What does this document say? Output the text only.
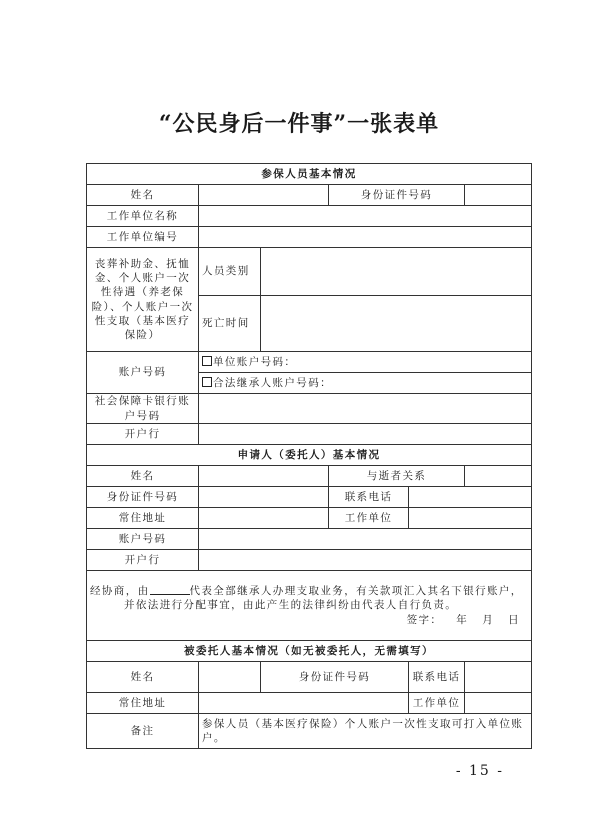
“公民身后一件事”一张表单
参保人员基本情况					
姓名			身份证件号码		
工作单位名称					
工作单位编号					
丧葬补助金、抚恤金、个人账户一次性待遇（养老保险）、个人账户一次性支取（基本医疗保险）	人员类别				
	死亡时间				
账户号码	单位账户号码：				
	合法继承人账户号码：				
社会保障卡银行账户号码					
开户行					
申请人（委托人）基本情况					
姓名			与逝者关系		
身份证件号码			联系电话		
常住地址			工作单位		
账户号码					
开户行					
经协商，由 代表全部继承人办理支取业务，有关款项汇入其名下银行账户，
并依法进行分配事宜，由此产生的法律纠纷由代表人自行负责。
签字： 年 月 日					

被委托人基本情况（如无被委托人，无需填写）					
姓名		身份证件号码		联系电话	
常住地址				工作单位	
备注	参保人员（基本医疗保险）个人账户一次性支取可打入单位账户。				
- 15 -
